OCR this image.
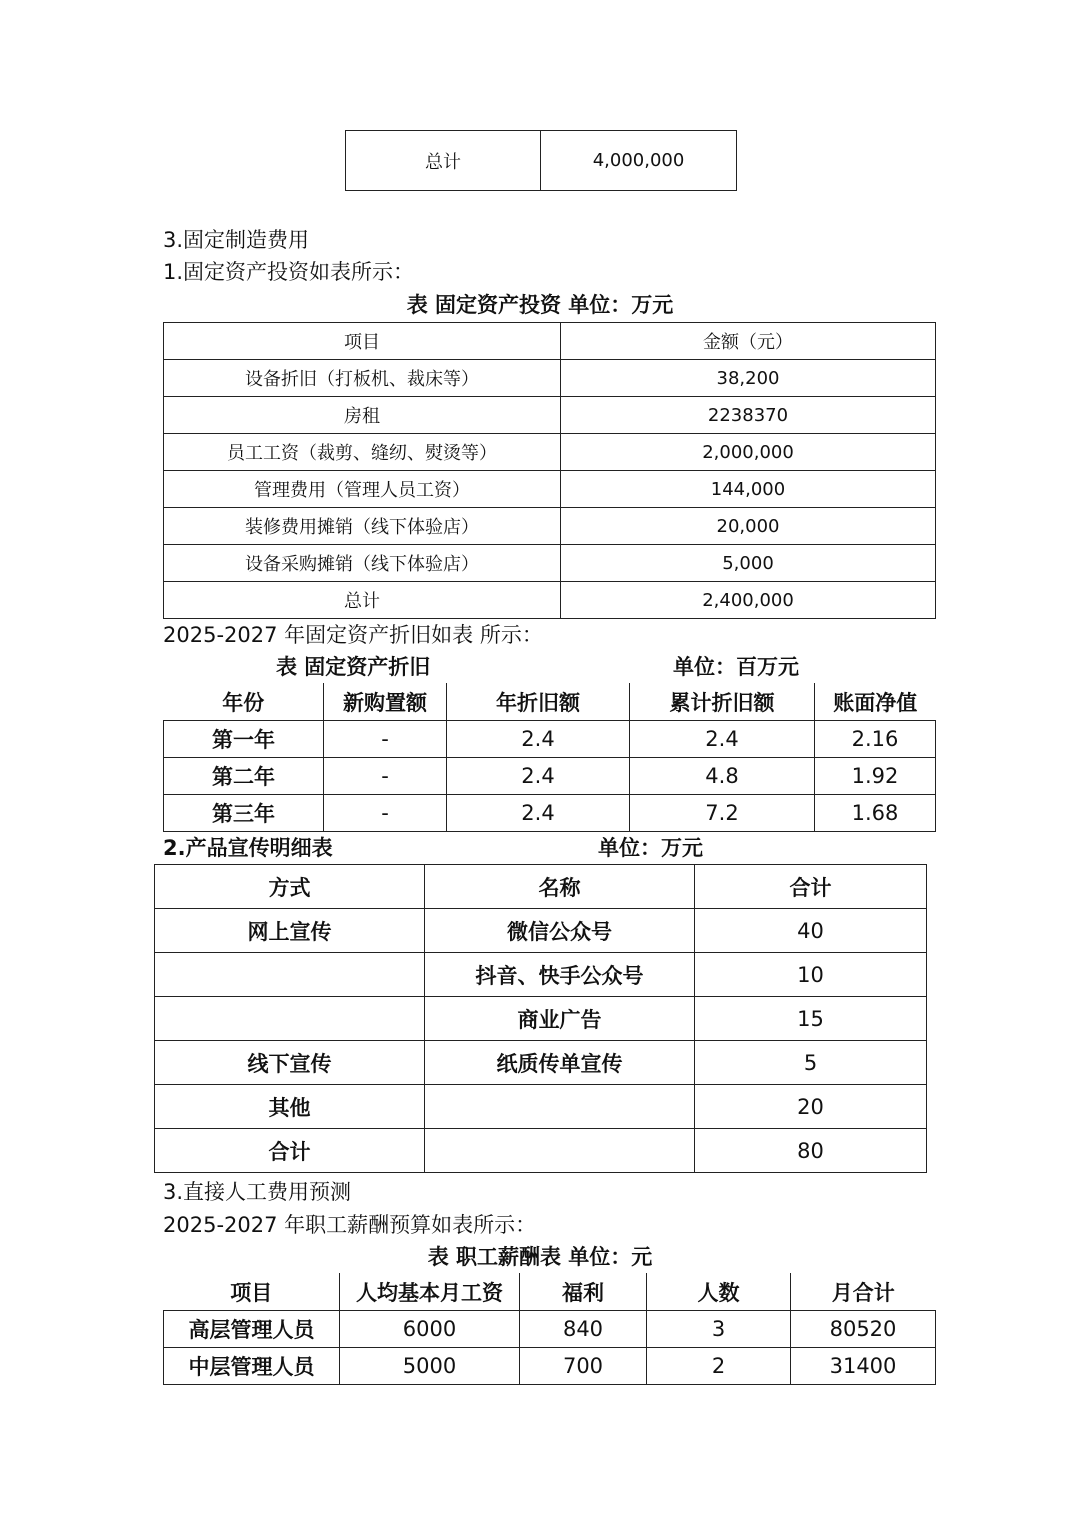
总计	4,000,000
3.固定制造费用
1.固定资产投资如表所示：
表 固定资产投资 单位：万元
项目	金额（元）
设备折旧（打板机、裁床等）	38,200
房租	2238370
员工工资（裁剪、缝纫、熨烫等）	2,000,000
管理费用（管理人员工资）	144,000
装修费用摊销（线下体验店）	20,000
设备采购摊销（线下体验店）	5,000
总计	2,400,000
2025-2027 年固定资产折旧如表 所示：
表 固定资产折旧	单位：百万元
年份	新购置额	年折旧额	累计折旧额	账面净值
第一年	-	2.4	2.4	2.16
第二年	-	2.4	4.8	1.92
第三年	-	2.4	7.2	1.68
2.产品宣传明细表	单位：万元
方式	名称	合计
网上宣传	微信公众号	40
	抖音、快手公众号	10
	商业广告	15
线下宣传	纸质传单宣传	5
其他		20
合计		80
3.直接人工费用预测
2025-2027 年职工薪酬预算如表所示：
表 职工薪酬表 单位：元
项目	人均基本月工资	福利	人数	月合计
高层管理人员	6000	840	3	80520
中层管理人员	5000	700	2	31400
